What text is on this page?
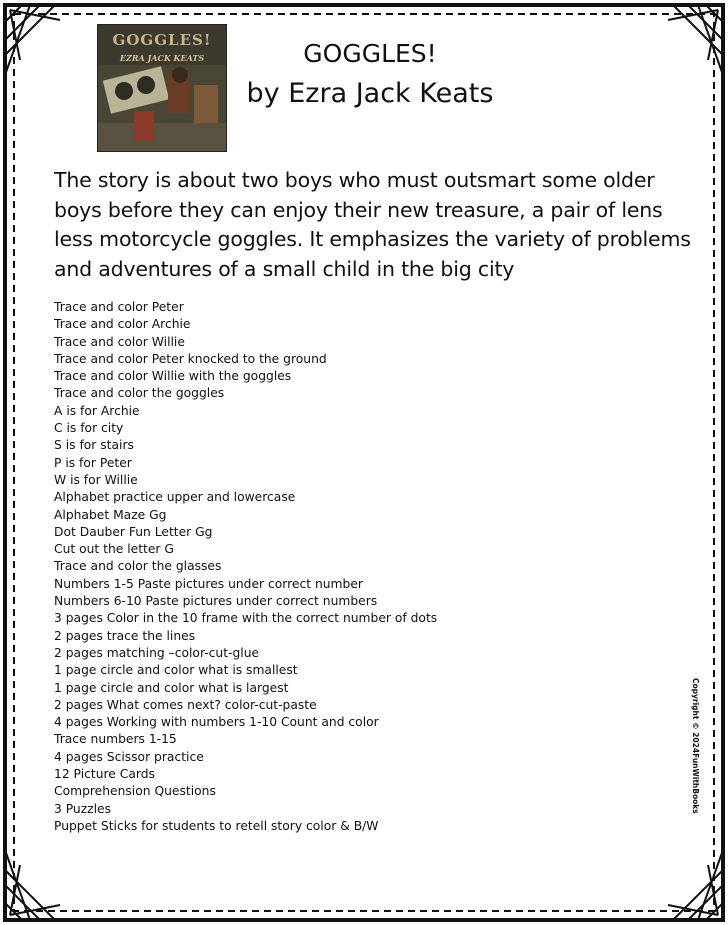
GOGGLES!
EZRA JACK KEATS	GOGGLES!
by Ezra Jack Keats
The story is about two boys who must outsmart some older boys before they can enjoy their new treasure, a pair of lens less motorcycle goggles. It emphasizes the variety of problems and adventures of a small child in the big city
Trace and color Peter
Trace and color Archie
Trace and color Willie
Trace and color Peter knocked to the ground
Trace and color Willie with the goggles
Trace and color the goggles
A is for Archie
C is for city
S is for stairs
P is for Peter
W is for Willie
Alphabet practice upper and lowercase
Alphabet Maze Gg
Dot Dauber Fun Letter Gg
Cut out the letter G
Trace and color the glasses
Numbers 1-5 Paste pictures under correct number
Numbers 6-10 Paste pictures under correct numbers
3 pages Color in the 10 frame with the correct number of dots
2 pages trace the lines
2 pages matching –color-cut-glue
1 page circle and color what is smallest
1 page circle and color what is largest
2 pages What comes next? color-cut-paste
4 pages Working with numbers 1-10 Count and color
Trace numbers 1-15
4 pages Scissor practice
12 Picture Cards
Comprehension Questions
3 Puzzles
Puppet Sticks for students to retell story color & B/W
Copyright © 2024FunWithBooks
